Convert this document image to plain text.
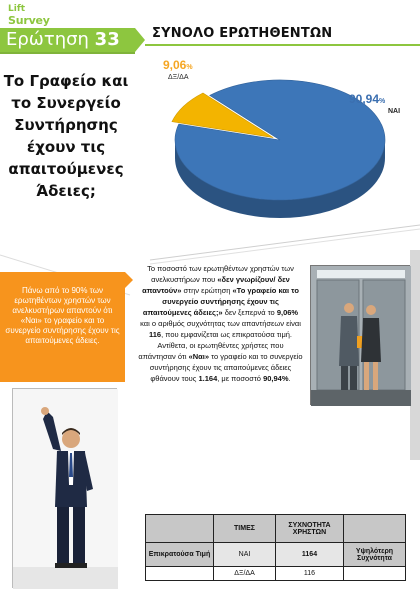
Lift
Survey
Ερώτηση 33 ΣΥΝΟΛΟ ΕΡΩΤΗΘΕΝΤΩΝ
Το Γραφείο και το Συνεργείο Συντήρησης έχουν τις απαιτούμενες Άδειες;
90,94%
ΝΑΙ
9,06%
ΔΞ/ΔΑ
Πάνω από το 90% των ερωτηθέντων χρηστών των ανελκυστήρων απαντούν ότι «Ναι» το γραφείο και το συνεργείο συντήρησης έχουν τις απαιτούμενες άδειες.
Το ποσοστό των ερωτηθέντων χρηστών των ανελκυστήρων που «δεν γνωρίζουν/ δεν απαντούν» στην ερώτηση «Το γραφείο και το συνεργείο συντήρησης έχουν τις απαιτούμενες άδειες;» δεν ξεπερνά το 9,06% και ο αριθμός συχνότητας των απαντήσεων είναι 116, που εμφανίζεται ως επικρατούσα τιμή. Αντίθετα, οι ερωτηθέντες χρήστες που απάντησαν ότι «Ναι» το γραφείο και το συνεργείο συντήρησης έχουν τις απαιτούμενες άδειες φθάνουν τους 1.164, με ποσοστό 90,94%.
	ΤΙΜΕΣ	ΣΥΧΝΟΤΗΤΑ ΧΡΗΣΤΩΝ	
Επικρατούσα Τιμή	ΝΑΙ	1164	Υψηλότερη Συχνότητα
	ΔΞ/ΔΑ	116	
